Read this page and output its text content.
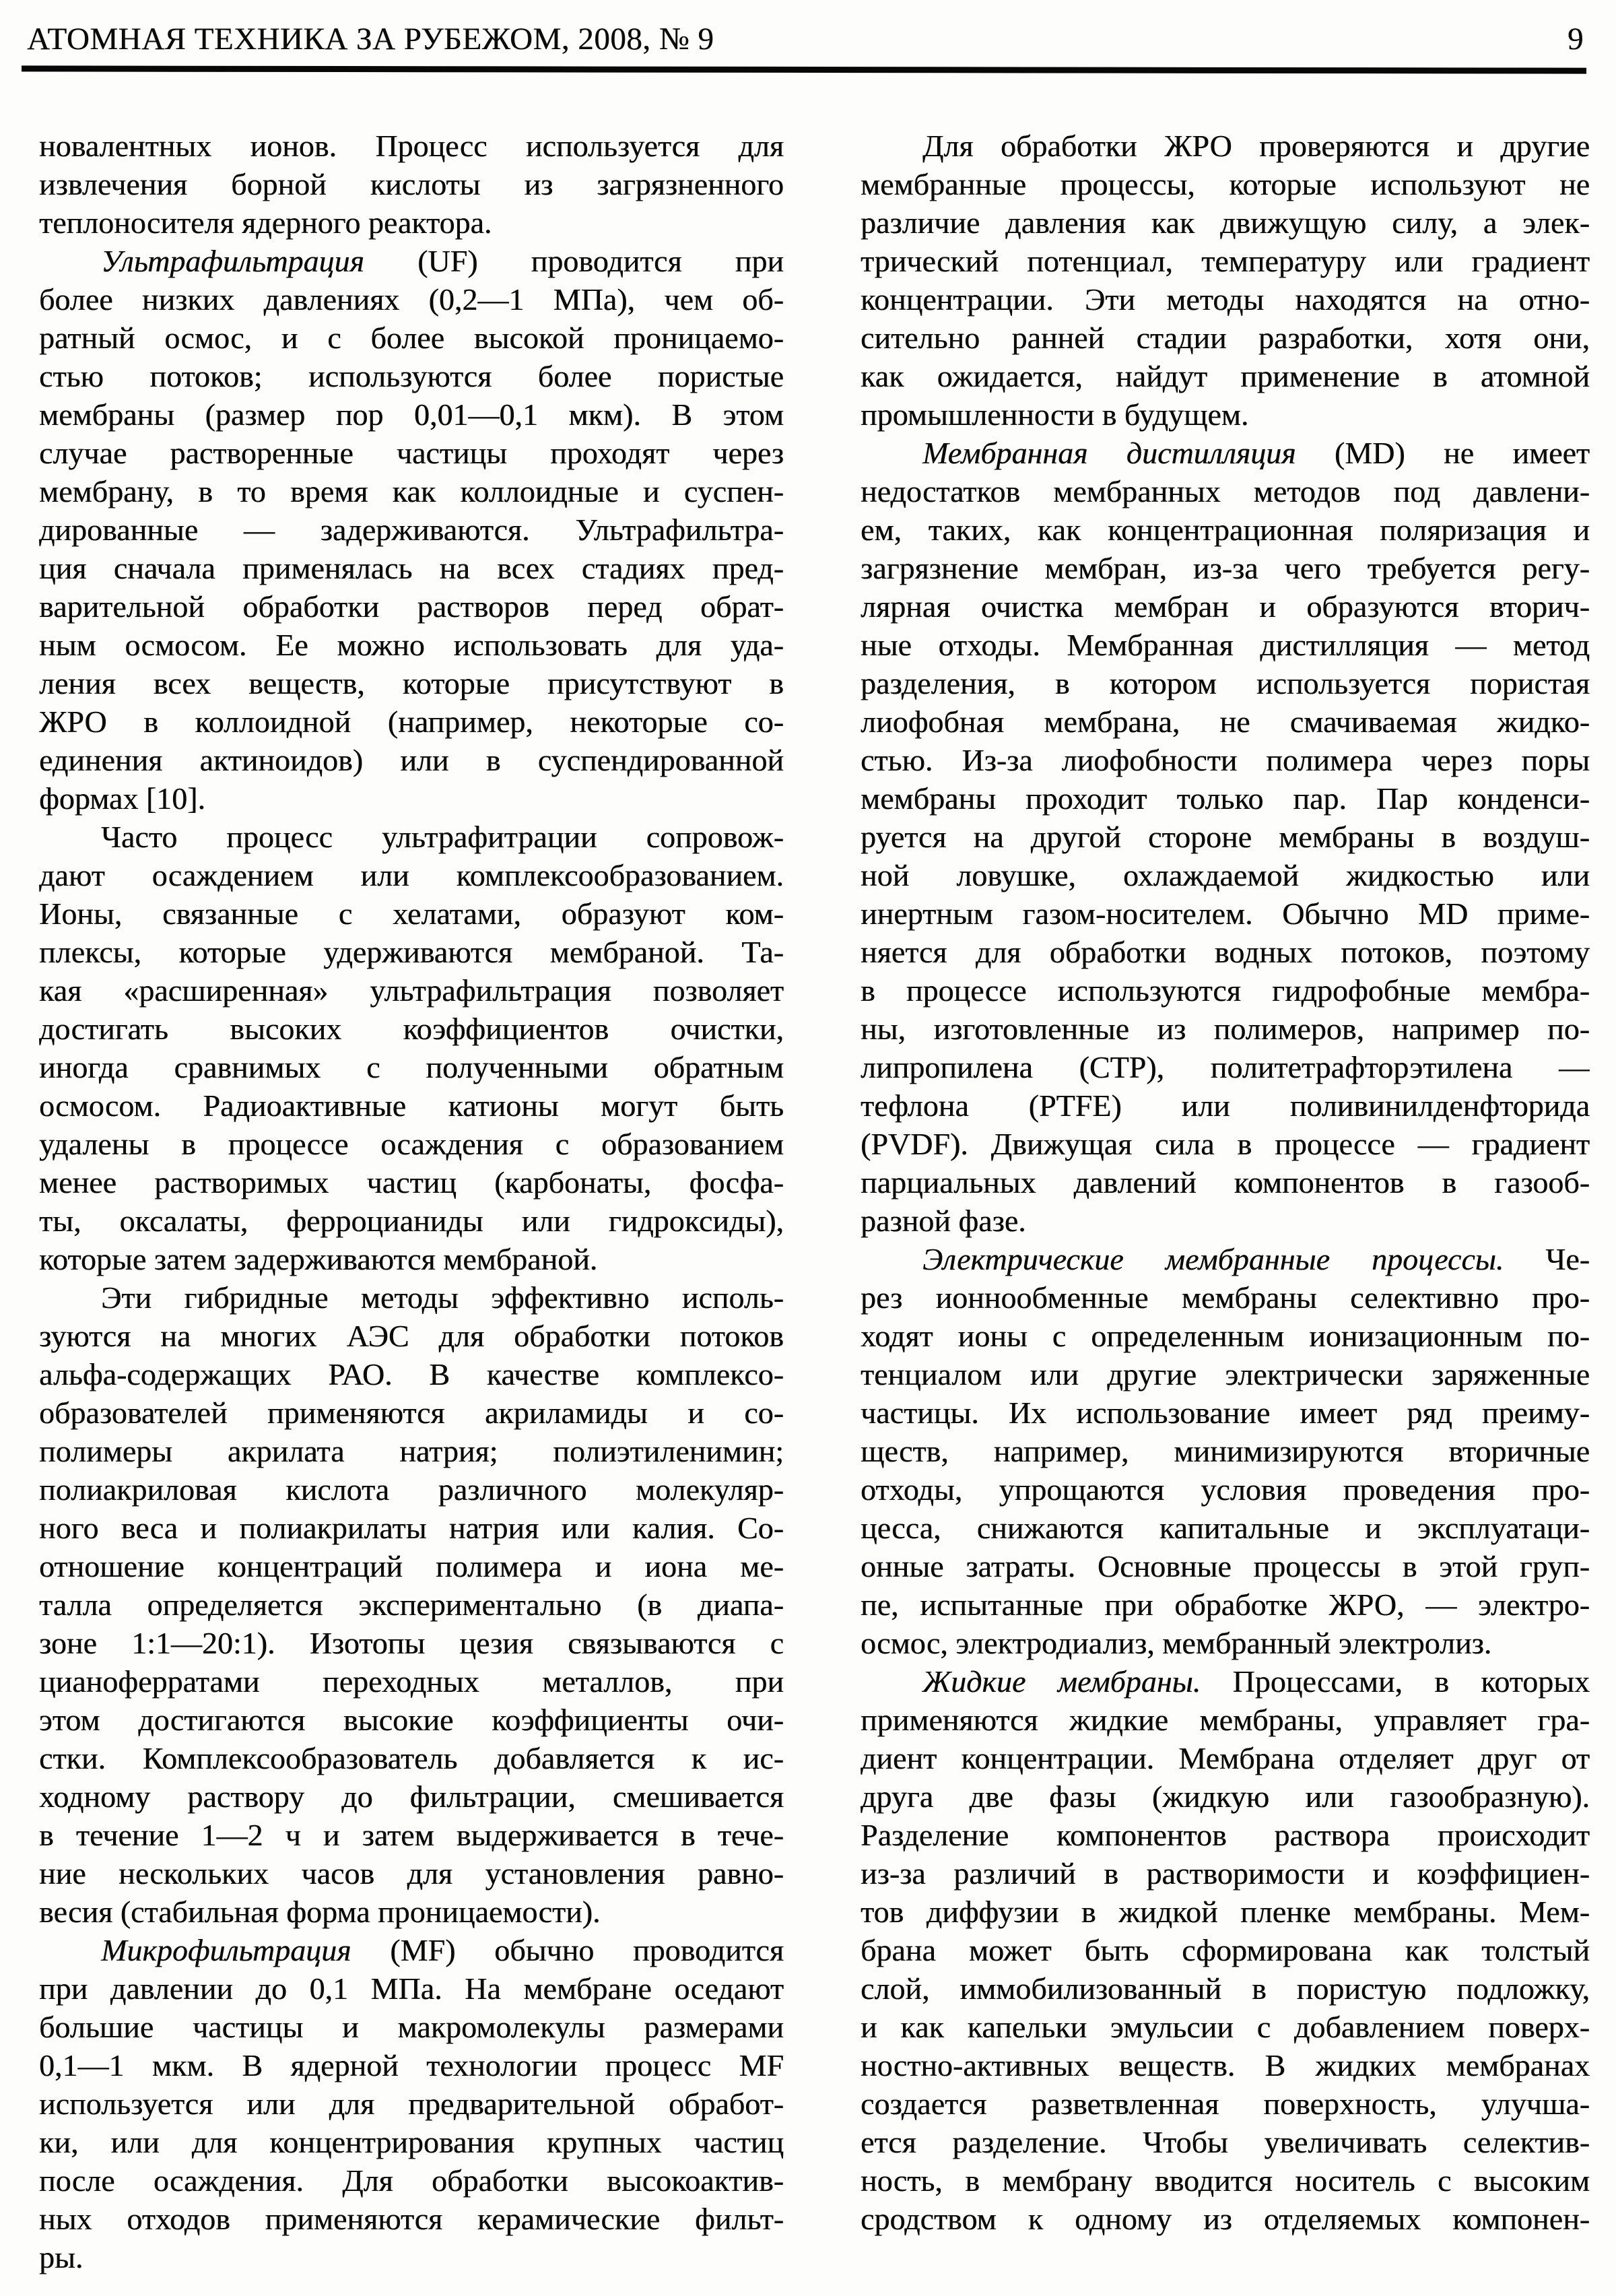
АТОМНАЯ ТЕХНИКА ЗА РУБЕЖОМ, 2008, № 9	9
новалентных ионов. Процесс используется для
извлечения борной кислоты из загрязненного
теплоносителя ядерного реактора.
Ультрафильтрация (UF) проводится при
более низких давлениях (0,2—1 МПа), чем об-
ратный осмос, и с более высокой проницаемо-
стью потоков; используются более пористые
мембраны (размер пор 0,01—0,1 мкм). В этом
случае растворенные частицы проходят через
мембрану, в то время как коллоидные и суспен-
дированные — задерживаются. Ультрафильтра-
ция сначала применялась на всех стадиях пред-
варительной обработки растворов перед обрат-
ным осмосом. Ее можно использовать для уда-
ления всех веществ, которые присутствуют в
ЖРО в коллоидной (например, некоторые со-
единения актиноидов) или в суспендированной
формах [10].
Часто процесс ультрафитрации сопровож-
дают осаждением или комплексообразованием.
Ионы, связанные с хелатами, образуют ком-
плексы, которые удерживаются мембраной. Та-
кая «расширенная» ультрафильтрация позволяет
достигать высоких коэффициентов очистки,
иногда сравнимых с полученными обратным
осмосом. Радиоактивные катионы могут быть
удалены в процессе осаждения с образованием
менее растворимых частиц (карбонаты, фосфа-
ты, оксалаты, ферроцианиды или гидроксиды),
которые затем задерживаются мембраной.
Эти гибридные методы эффективно исполь-
зуются на многих АЭС для обработки потоков
альфа-содержащих РАО. В качестве комплексо-
образователей применяются акриламиды и со-
полимеры акрилата натрия; полиэтиленимин;
полиакриловая кислота различного молекуляр-
ного веса и полиакрилаты натрия или калия. Со-
отношение концентраций полимера и иона ме-
талла определяется экспериментально (в диапа-
зоне 1:1—20:1). Изотопы цезия связываются с
цианоферратами переходных металлов, при
этом достигаются высокие коэффициенты очи-
стки. Комплексообразователь добавляется к ис-
ходному раствору до фильтрации, смешивается
в течение 1—2 ч и затем выдерживается в тече-
ние нескольких часов для установления равно-
весия (стабильная форма проницаемости).
Микрофильтрация (MF) обычно проводится
при давлении до 0,1 МПа. На мембране оседают
большие частицы и макромолекулы размерами
0,1—1 мкм. В ядерной технологии процесс MF
используется или для предварительной обработ-
ки, или для концентрирования крупных частиц
после осаждения. Для обработки высокоактив-
ных отходов применяются керамические фильт-
ры.
Для обработки ЖРО проверяются и другие
мембранные процессы, которые используют не
различие давления как движущую силу, а элек-
трический потенциал, температуру или градиент
концентрации. Эти методы находятся на отно-
сительно ранней стадии разработки, хотя они,
как ожидается, найдут применение в атомной
промышленности в будущем.
Мембранная дистилляция (MD) не имеет
недостатков мембранных методов под давлени-
ем, таких, как концентрационная поляризация и
загрязнение мембран, из-за чего требуется регу-
лярная очистка мембран и образуются вторич-
ные отходы. Мембранная дистилляция — метод
разделения, в котором используется пористая
лиофобная мембрана, не смачиваемая жидко-
стью. Из-за лиофобности полимера через поры
мембраны проходит только пар. Пар конденси-
руется на другой стороне мембраны в воздуш-
ной ловушке, охлаждаемой жидкостью или
инертным газом-носителем. Обычно MD приме-
няется для обработки водных потоков, поэтому
в процессе используются гидрофобные мембра-
ны, изготовленные из полимеров, например по-
липропилена (CTP), политетрафторэтилена —
тефлона (PTFE) или поливинилденфторида
(PVDF). Движущая сила в процессе — градиент
парциальных давлений компонентов в газооб-
разной фазе.
Электрические мембранные процессы. Че-
рез ионнообменные мембраны селективно про-
ходят ионы с определенным ионизационным по-
тенциалом или другие электрически заряженные
частицы. Их использование имеет ряд преиму-
ществ, например, минимизируются вторичные
отходы, упрощаются условия проведения про-
цесса, снижаются капитальные и эксплуатаци-
онные затраты. Основные процессы в этой груп-
пе, испытанные при обработке ЖРО, — электро-
осмос, электродиализ, мембранный электролиз.
Жидкие мембраны. Процессами, в которых
применяются жидкие мембраны, управляет гра-
диент концентрации. Мембрана отделяет друг от
друга две фазы (жидкую или газообразную).
Разделение компонентов раствора происходит
из-за различий в растворимости и коэффициен-
тов диффузии в жидкой пленке мембраны. Мем-
брана может быть сформирована как толстый
слой, иммобилизованный в пористую подложку,
и как капельки эмульсии с добавлением поверх-
ностно-активных веществ. В жидких мембранах
создается разветвленная поверхность, улучша-
ется разделение. Чтобы увеличивать селектив-
ность, в мембрану вводится носитель с высоким
сродством к одному из отделяемых компонен-
